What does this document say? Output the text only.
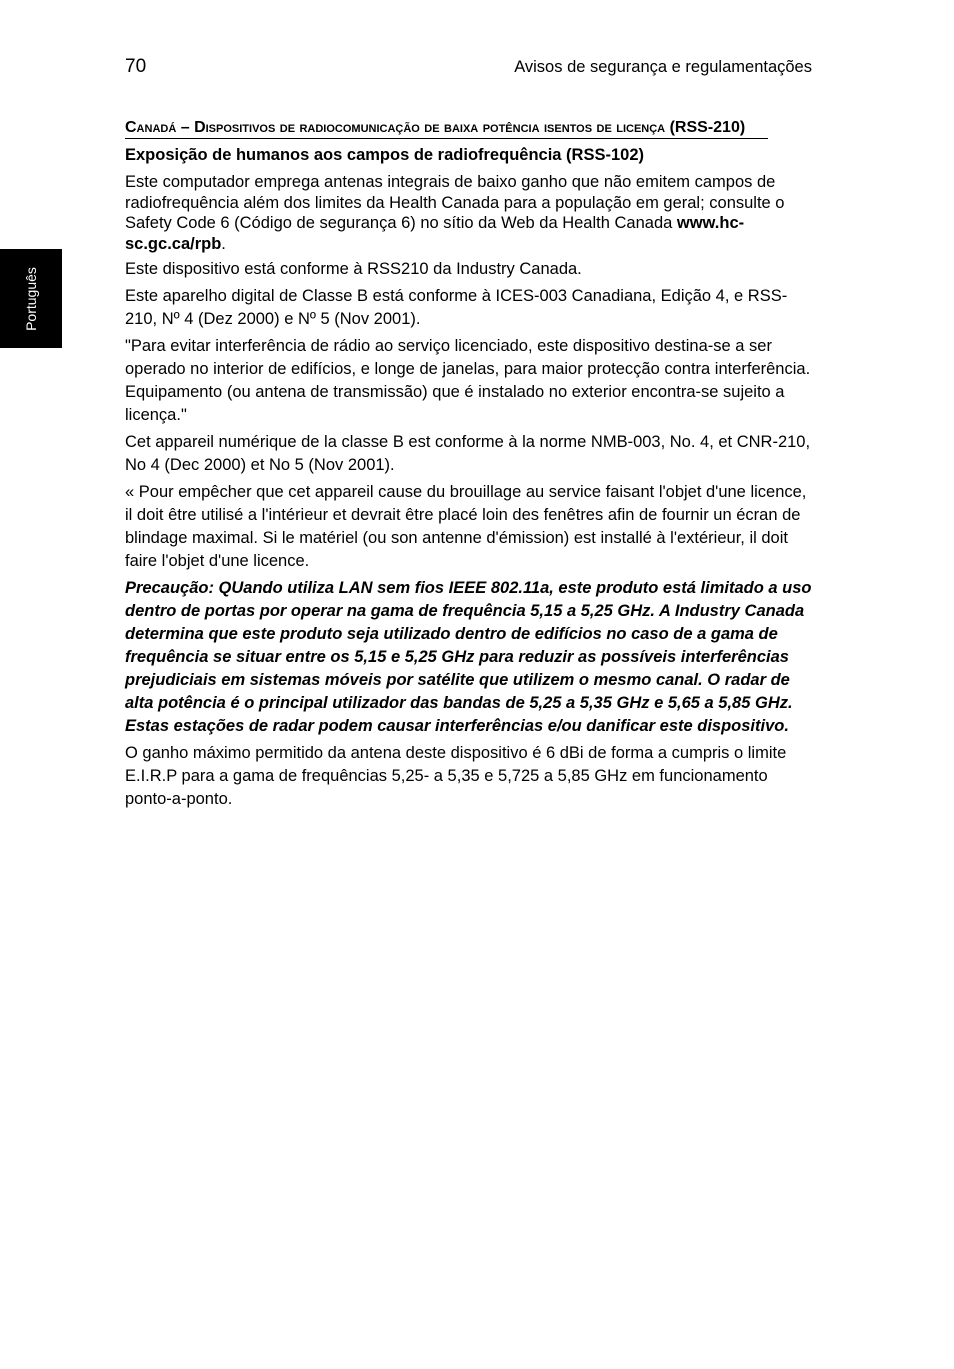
70	Avisos de segurança e regulamentações
Português
Canadá – Dispositivos de radiocomunicação de baixa potência isentos de licença (RSS-210)
Exposição de humanos aos campos de radiofrequência (RSS-102)

Este computador emprega antenas integrais de baixo ganho que não emitem campos de radiofrequência além dos limites da Health Canada para a população em geral; consulte o Safety Code 6 (Código de segurança 6) no sítio da Web da Health Canada www.hc-sc.gc.ca/rpb.

Este dispositivo está conforme à RSS210 da Industry Canada.

Este aparelho digital de Classe B está conforme à ICES-003 Canadiana, Edição 4, e RSS-210, Nº 4 (Dez 2000) e Nº 5 (Nov 2001).

"Para evitar interferência de rádio ao serviço licenciado, este dispositivo destina-se a ser operado no interior de edifícios, e longe de janelas, para maior protecção contra interferência. Equipamento (ou antena de transmissão) que é instalado no exterior encontra-se sujeito a licença."

Cet appareil numérique de la classe B est conforme à la norme NMB-003, No. 4, et CNR-210, No 4 (Dec 2000) et No 5 (Nov 2001).

« Pour empêcher que cet appareil cause du brouillage au service faisant l'objet d'une licence, il doit être utilisé a l'intérieur et devrait être placé loin des fenêtres afin de fournir un écran de blindage maximal. Si le matériel (ou son antenne d'émission) est installé à l'extérieur, il doit faire l'objet d'une licence.

Precaução: QUando utiliza LAN sem fios IEEE 802.11a, este produto está limitado a uso dentro de portas por operar na gama de frequência 5,15 a 5,25 GHz. A Industry Canada determina que este produto seja utilizado dentro de edifícios no caso de a gama de frequência se situar entre os 5,15 e 5,25 GHz para reduzir as possíveis interferências prejudiciais em sistemas móveis por satélite que utilizem o mesmo canal. O radar de alta potência é o principal utilizador das bandas de 5,25 a 5,35 GHz e 5,65 a 5,85 GHz. Estas estações de radar podem causar interferências e/ou danificar este dispositivo.

O ganho máximo permitido da antena deste dispositivo é 6 dBi de forma a cumpris o limite E.I.R.P para a gama de frequências 5,25- a 5,35 e 5,725 a 5,85 GHz em funcionamento ponto-a-ponto.
